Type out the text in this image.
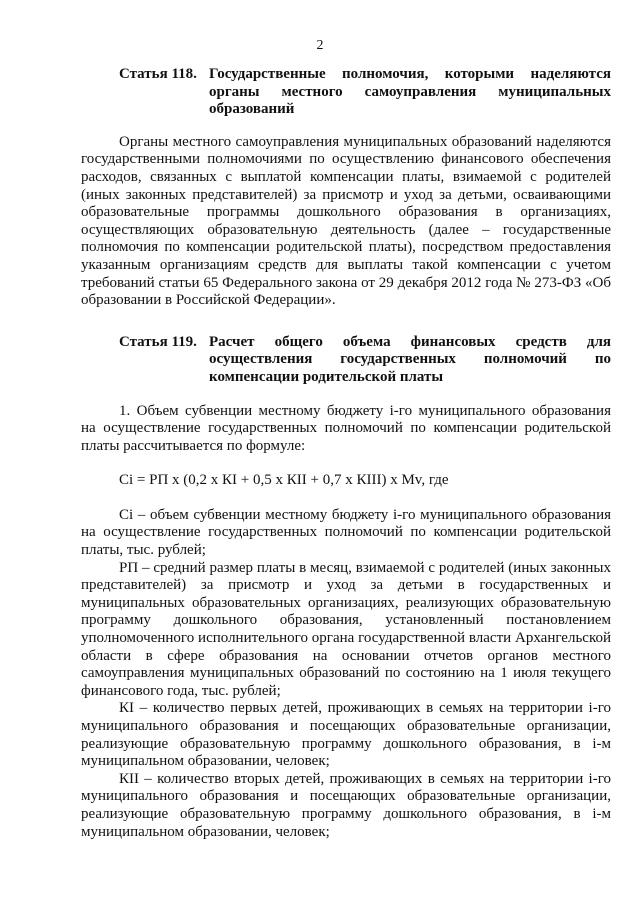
2
Статья 118. Государственные полномочия, которыми наделяются органы местного самоуправления муниципальных образований

Органы местного самоуправления муниципальных образований наделяются государственными полномочиями по осуществлению финансового обеспечения расходов, связанных с выплатой компенсации платы, взимаемой с родителей (иных законных представителей) за присмотр и уход за детьми, осваивающими образовательные программы дошкольного образования в организациях, осуществляющих образовательную деятельность (далее – государственные полномочия по компенсации родительской платы), посредством предоставления указанным организациям средств для выплаты такой компенсации с учетом требований статьи 65 Федерального закона от 29 декабря 2012 года № 273-ФЗ «Об образовании в Российской Федерации».

Статья 119. Расчет общего объема финансовых средств для осуществления государственных полномочий по компенсации родительской платы

1. Объем субвенции местному бюджету i-го муниципального образования на осуществление государственных полномочий по компенсации родительской платы рассчитывается по формуле:

Сi = РП х (0,2 х КI + 0,5 х КII + 0,7 х КIII) х Мv, где

Сi – объем субвенции местному бюджету i-го муниципального образования на осуществление государственных полномочий по компенсации родительской платы, тыс. рублей;

РП – средний размер платы в месяц, взимаемой с родителей (иных законных представителей) за присмотр и уход за детьми в государственных и муниципальных образовательных организациях, реализующих образовательную программу дошкольного образования, установленный постановлением уполномоченного исполнительного органа государственной власти Архангельской области в сфере образования на основании отчетов органов местного самоуправления муниципальных образований по состоянию на 1 июля текущего финансового года, тыс. рублей;

КI – количество первых детей, проживающих в семьях на территории i-го муниципального образования и посещающих образовательные организации, реализующие образовательную программу дошкольного образования, в i-м муниципальном образовании, человек;

КII – количество вторых детей, проживающих в семьях на территории i-го муниципального образования и посещающих образовательные организации, реализующие образовательную программу дошкольного образования, в i-м муниципальном образовании, человек;
